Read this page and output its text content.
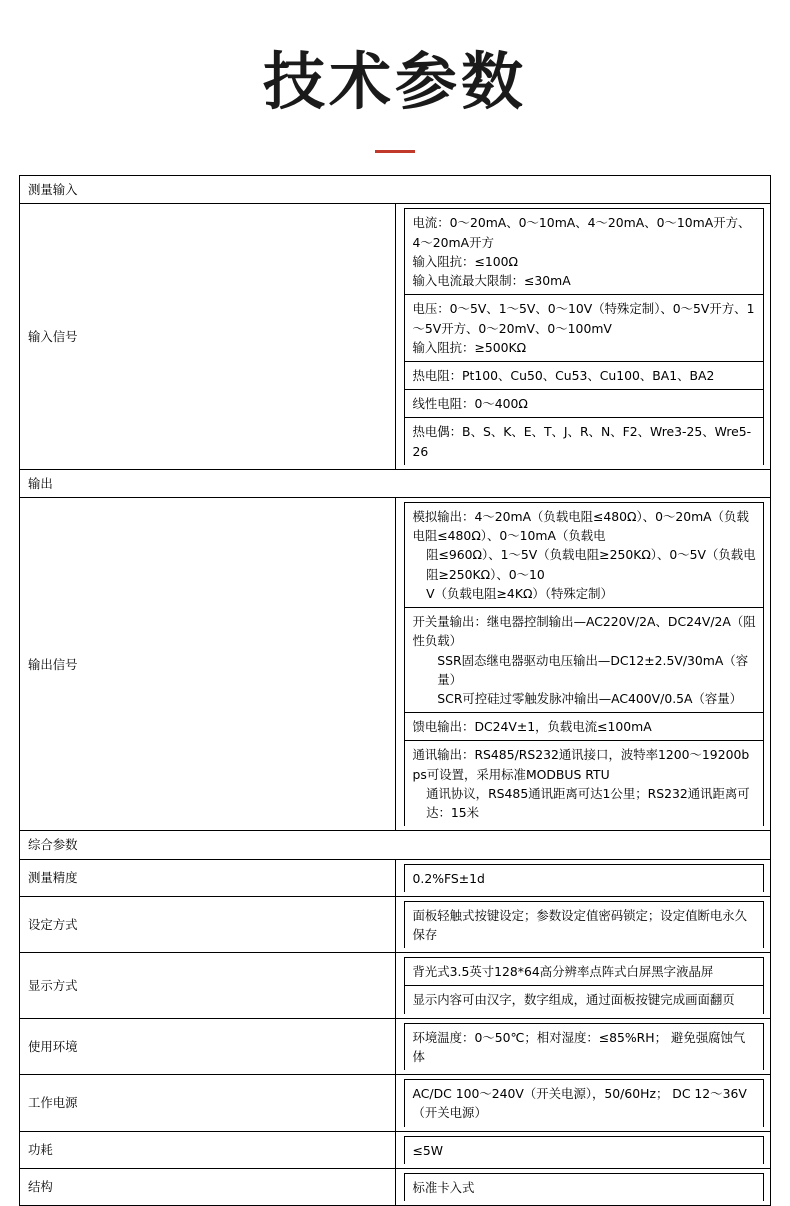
技术参数
测量输入
输入信号	
电流：0～20mA、0～10mA、4～20mA、0～10mA开方、4～20mA开方
输入阻抗：≤100Ω
输入电流最大限制：≤30mA

电压：0～5V、1～5V、0～10V（特殊定制）、0～5V开方、1～5V开方、0～20mV、0～100mV
输入阻抗：≥500KΩ

热电阻：Pt100、Cu50、Cu53、Cu100、BA1、BA2

线性电阻：0～400Ω

热电偶：B、S、K、E、T、J、R、N、F2、Wre3-25、Wre5-26

输出
输出信号	
模拟输出：4～20mA（负载电阻≤480Ω）、0～20mA（负载电阻≤480Ω）、0～10mA（负载电
阻≤960Ω）、1～5V（负载电阻≥250KΩ）、0～5V（负载电阻≥250KΩ）、0～10
V（负载电阻≥4KΩ）（特殊定制）

开关量输出：继电器控制输出—AC220V/2A、DC24V/2A（阻性负载）
SSR固态继电器驱动电压输出—DC12±2.5V/30mA（容量）
SCR可控硅过零触发脉冲输出—AC400V/0.5A（容量）

馈电输出：DC24V±1，负载电流≤100mA

通讯输出：RS485/RS232通讯接口，波特率1200～19200bps可设置，采用标准MODBUS RTU
通讯协议，RS485通讯距离可达1公里；RS232通讯距离可达：15米

综合参数
测量精度		0.2%FS±1d

设定方式	
面板轻触式按键设定；参数设定值密码锁定；设定值断电永久保存

显示方式	
背光式3.5英寸128*64高分辨率点阵式白屏黑字液晶屏

显示内容可由汉字，数字组成，通过面板按键完成画面翻页

使用环境	
环境温度：0～50℃；相对湿度：≤85%RH； 避免强腐蚀气体

工作电源	
AC/DC 100～240V（开关电源），50/60Hz； DC 12～36V（开关电源）

功耗		≤5W

结构		标准卡入式
